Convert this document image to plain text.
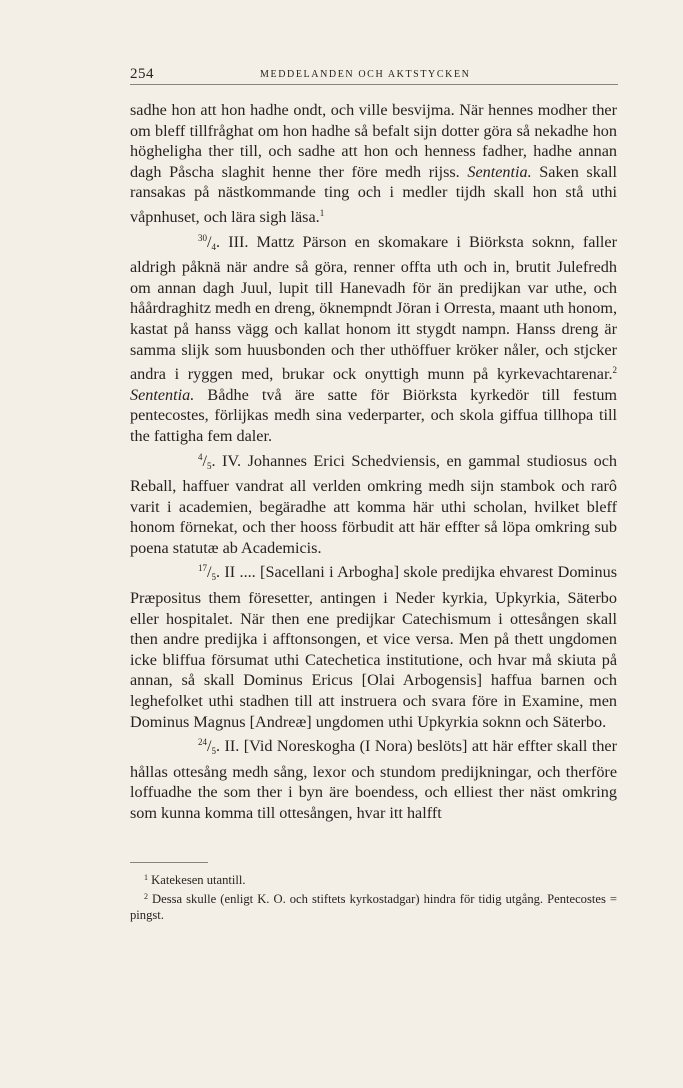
254	MEDDELANDEN OCH AKTSTYCKEN

sadhe hon att hon hadhe ondt, och ville besvijma. När hennes modher ther om bleff tillfråghat om hon hadhe så befalt sijn dotter göra så nekadhe hon högheligha ther till, och sadhe att hon och henness fadher, hadhe annan dagh Påscha slaghit henne ther före medh rijss. Sententia. Saken skall ransakas på nästkommande ting och i medler tijdh skall hon stå uthi våpnhuset, och lära sigh läsa.$^1$

$^{30}/_4$. III. Mattz Pärson en skomakare i Biörksta soknn, faller aldrigh påknä när andre så göra, renner offta uth och in, brutit Julefredh om annan dagh Juul, lupit till Hanevadh för än predijkan var uthe, och håårdraghitz medh en dreng, öknempndt Jöran i Orresta, maant uth honom, kastat på hanss vägg och kallat honom itt stygdt nampn. Hanss dreng är samma slijk som huusbonden och ther uthöffuer kröker nåler, och stjcker andra i ryggen med, brukar ock onyttigh munn på kyrkevachtarenar.$^2$ Sententia. Bådhe två äre satte för Biörksta kyrkedör till festum pentecostes, förlijkas medh sina vederparter, och skola giffua tillhopa till the fattigha fem daler.

$^4/_5$. IV. Johannes Erici Schedviensis, en gammal studiosus och Reball, haffuer vandrat all verlden omkring medh sijn stambok och rarô varit i academien, begäradhe att komma här uthi scholan, hvilket bleff honom förnekat, och ther hooss förbudit att här effter så löpa omkring sub poena statutæ ab Academicis.

$^{17}/_5$. II .... [Sacellani i Arbogha] skole predijka ehvarest Dominus Præpositus them föresetter, antingen i Neder kyrkia, Upkyrkia, Säterbo eller hospitalet. När then ene predijkar Catechismum i ottesången skall then andre predijka i afftonsongen, et vice versa. Men på thett ungdomen icke bliffua försumat uthi Catechetica institutione, och hvar må skiuta på annan, så skall Dominus Ericus [Olai Arbogensis] haffua barnen och leghefolket uthi stadhen till att instruera och svara före in Examine, men Dominus Magnus [Andreæ] ungdomen uthi Upkyrkia soknn och Säterbo.

$^{24}/_5$. II. [Vid Noreskogha (I Nora) beslöts] att här effter skall ther hållas ottesång medh sång, lexor och stundom predijkningar, och therföre loffuadhe the som ther i byn äre boendess, och elliest ther näst omkring som kunna komma till ottesången, hvar itt halfft

$^1$ Katekesen utantill.

$^2$ Dessa skulle (enligt K. O. och stiftets kyrkostadgar) hindra för tidig utgång. Pentecostes = pingst.
